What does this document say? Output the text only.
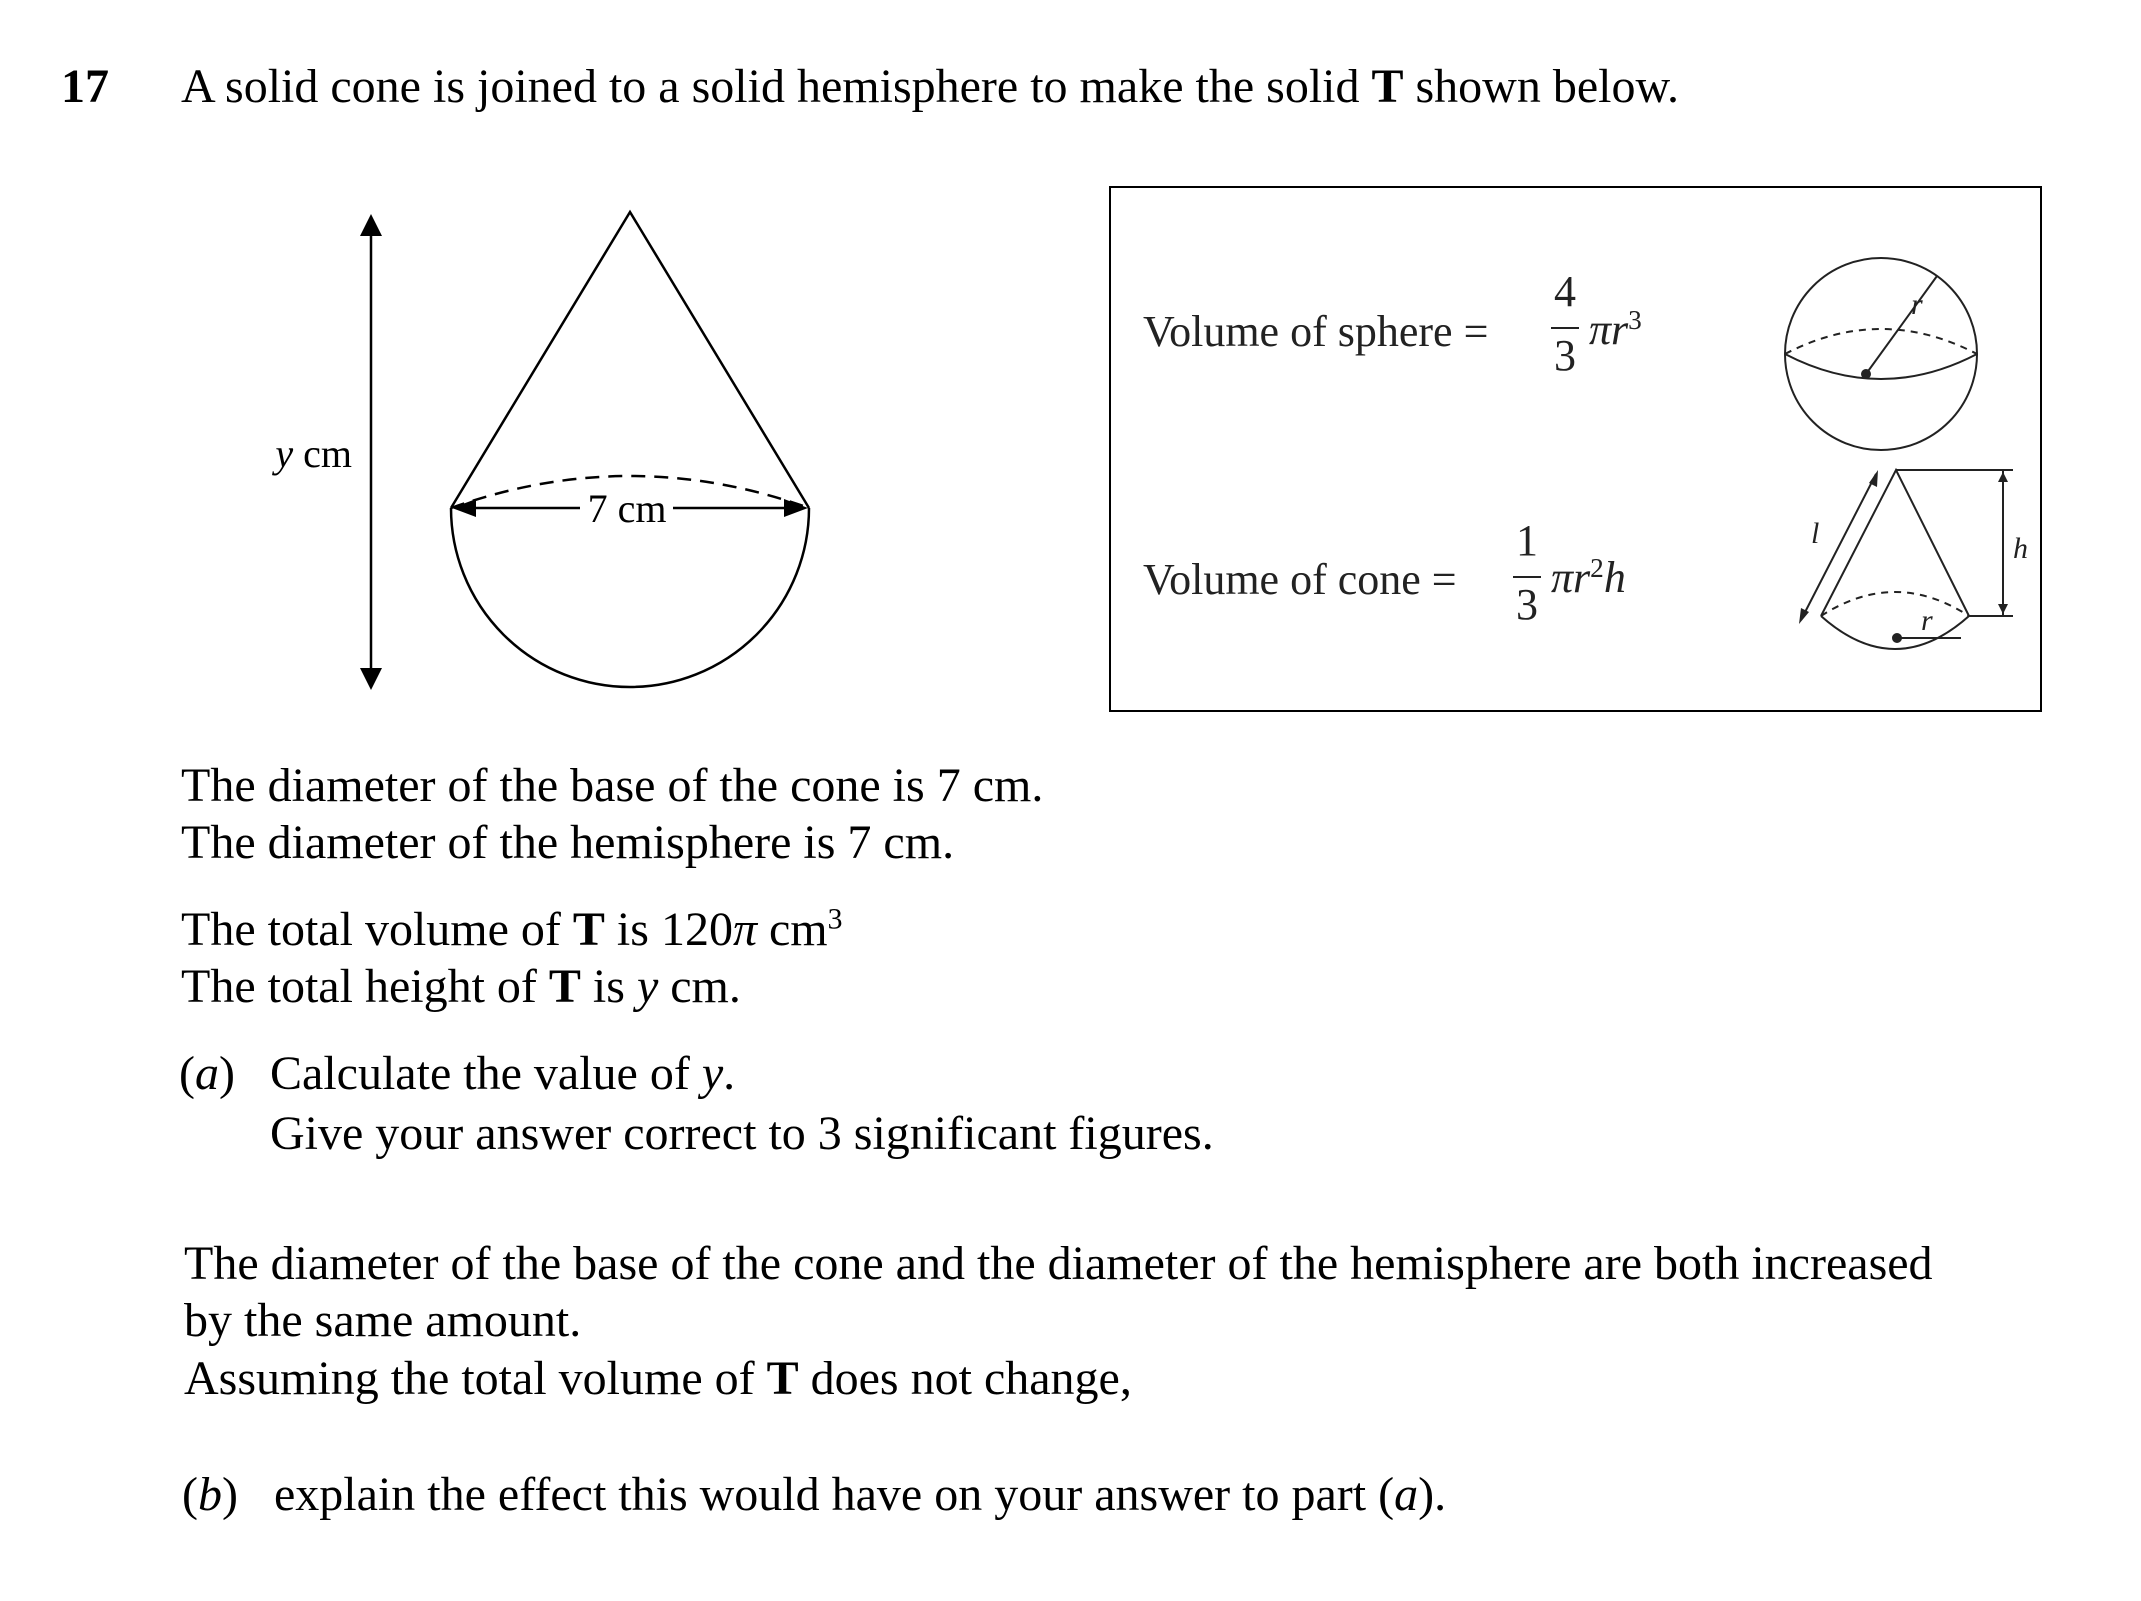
17 A solid cone is joined to a solid hemisphere to make the solid T shown below.
y cm
7 cm
Volume of sphere =
4
3
$\pi r^3$
Volume of cone =
1
3
$\pi r^2h$
r
l	h
r
The diameter of the base of the cone is 7 cm.
The diameter of the hemisphere is 7 cm.
The total volume of T is 120π $cm^3$
The total height of T is y cm.
(a) Calculate the value of y.
Give your answer correct to 3 significant figures.
The diameter of the base of the cone and the diameter of the hemisphere are both increased
by the same amount.
Assuming the total volume of T does not change,
(b) explain the effect this would have on your answer to part (a).
